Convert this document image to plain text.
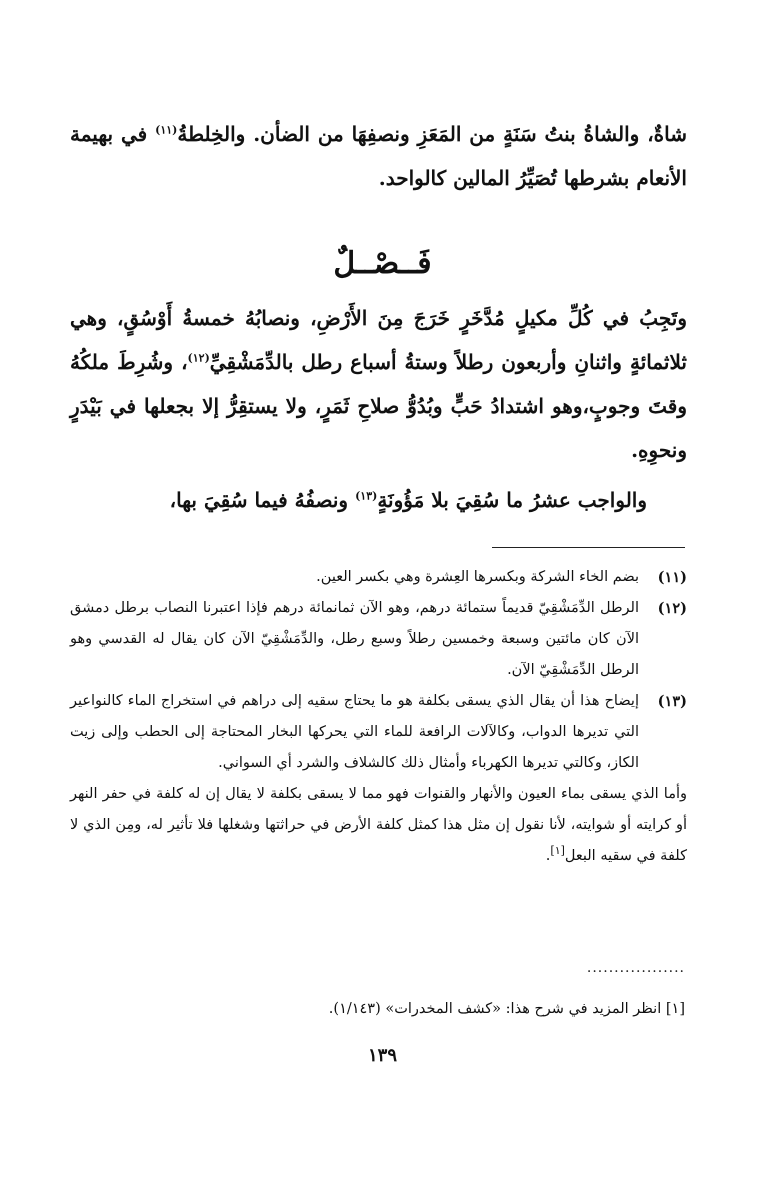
شاةٌ، والشاةُ بنتُ سَنَةٍ من المَعَزِ ونصفِهَا من الضأن. والخِلطةُ$^{(١١)}$ في بهيمة الأنعام بشرطها تُصَيِّرُ المالين كالواحد.
فَــصْــلٌ
وتَجِبُ في كُلِّ مكيلٍ مُدَّخَرٍ خَرَجَ مِنَ الأَرْضِ، ونصابُهُ خمسةُ أَوْسُقٍ، وهي ثلاثمائةٍ واثنانِ وأربعون رطلاً وستةُ أسباع رطل بالدِّمَشْقِيِّ$^{(١٢)}$، وشُرِطَ ملكُهُ وقتَ وجوبٍ،وهو اشتدادُ حَبٍّ وبُدُوُّ صلاحِ ثَمَرٍ، ولا يستقِرُّ إلا بجعلها في بَيْدَرٍ ونحوِهِ.
والواجب عشرُ ما سُقِيَ بلا مَؤُونَةٍ$^{(١٣)}$ ونصفُهُ فيما سُقِيَ بها،

(١١)
بضم الخاء الشركة وبكسرها العِشرة وهي بكسر العين.

(١٢)
الرطل الدِّمَشْقِيّ قديماً ستمائة درهم، وهو الآن ثمانمائة درهم فإذا اعتبرنا النصاب برطل دمشق الآن كان مائتين وسبعة وخمسين رطلاً وسبع رطل، والدِّمَشْقِيّ الآن كان يقال له القدسي وهو الرطل الدِّمَشْقِيّ الآن.

(١٣)
إيضاح هذا أن يقال الذي يسقى بكلفة هو ما يحتاج سقيه إلى دراهم في استخراج الماء كالنواعير التي تديرها الدواب، وكالآلات الرافعة للماء التي يحركها البخار المحتاجة إلى الحطب وإلى زيت الكاز، وكالتي تديرها الكهرباء وأمثال ذلك كالشلاف والشرد أي السواني.

وأما الذي يسقى بماء العيون والأنهار والقنوات فهو مما لا يسقى بكلفة لا يقال إن له كلفة في حفر النهر أو كرايته أو شوايته، لأنا نقول إن مثل هذا كمثل كلفة الأرض في حراثتها وشغلها فلا تأثير له، ومِن الذي لا كلفة في سقيه البعل[١].

..................
[١] انظر المزيد في شرح هذا: «كشف المخدرات» (١/١٤٣).
١٣٩
